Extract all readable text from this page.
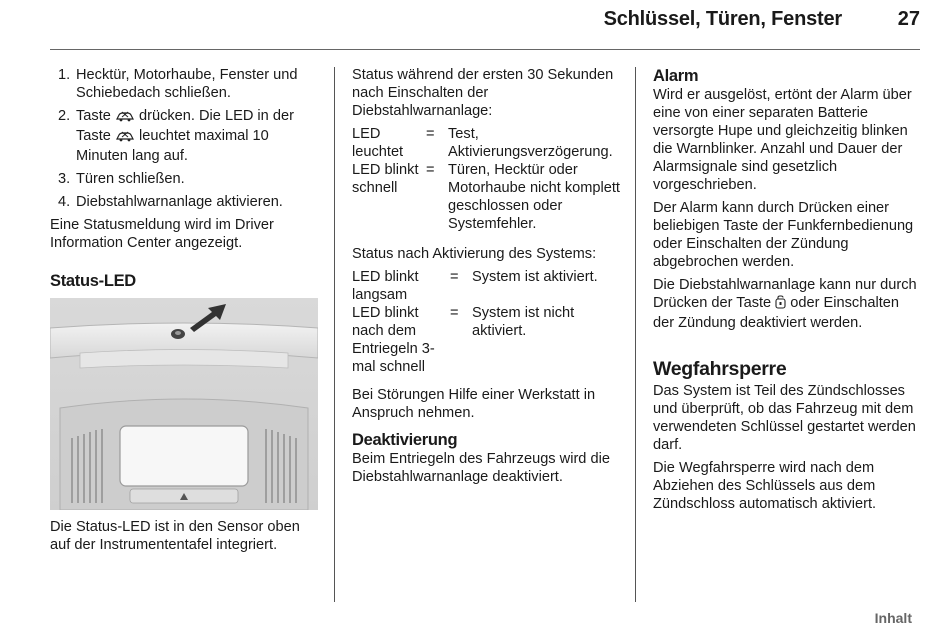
Schlüssel, Türen, Fenster	27
1. Hecktür, Motorhaube, Fenster und Schiebedach schließen.
2. Taste  drücken. Die LED in der Taste  leuchtet maximal 10 Minuten lang auf.
3. Türen schließen.
4. Diebstahlwarnanlage aktivieren.

Eine Statusmeldung wird im Driver Information Center angezeigt.

Status-LED

Die Status-LED ist in den Sensor oben auf der Instrumententafel integriert.

Status während der ersten 30 Sekunden nach Einschalten der Diebstahlwarnanlage:

LED leuchtet	=	Test, Aktivierungsverzögerung.
LED blinkt schnell	=	Türen, Hecktür oder Motorhaube nicht komplett geschlossen oder Systemfehler.

Status nach Aktivierung des Systems:

LED blinkt langsam	=	System ist aktiviert.
LED blinkt nach dem Entriegeln 3-mal schnell	=	System ist nicht aktiviert.

Bei Störungen Hilfe einer Werkstatt in Anspruch nehmen.

Deaktivierung

Beim Entriegeln des Fahrzeugs wird die Diebstahlwarnanlage deaktiviert.

Alarm

Wird er ausgelöst, ertönt der Alarm über eine von einer separaten Batterie versorgte Hupe und gleichzeitig blinken die Warnblinker. Anzahl und Dauer der Alarmsignale sind gesetzlich vorgeschrieben.

Der Alarm kann durch Drücken einer beliebigen Taste der Funkfernbedienung oder Einschalten der Zündung abgebrochen werden.

Die Diebstahlwarnanlage kann nur durch Drücken der Taste  oder Einschalten der Zündung deaktiviert werden.

Wegfahrsperre

Das System ist Teil des Zündschlosses und überprüft, ob das Fahrzeug mit dem verwendeten Schlüssel gestartet werden darf.

Die Wegfahrsperre wird nach dem Abziehen des Schlüssels aus dem Zündschloss automatisch aktiviert.

Inhalt
